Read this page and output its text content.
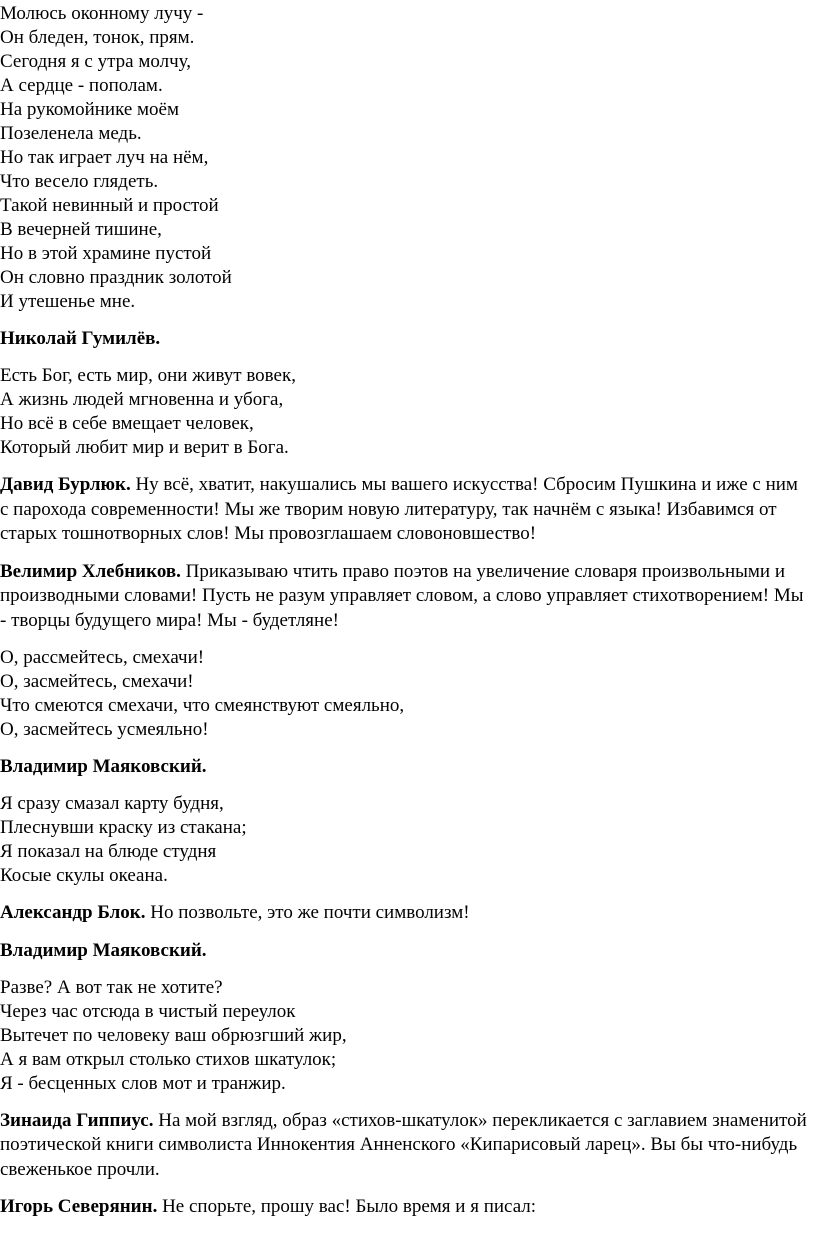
Молюсь оконному лучу -
Он бледен, тонок, прям.
Сегодня я с утра молчу,
А сердце - пополам.
На рукомойнике моём
Позеленела медь.
Но так играет луч на нём,
Что весело глядеть.
Такой невинный и простой
В вечерней тишине,
Но в этой храмине пустой
Он словно праздник золотой
И утешенье мне.
Николай Гумилёв.
Есть Бог, есть мир, они живут вовек,
А жизнь людей мгновенна и убога,
Но всё в себе вмещает человек,
Который любит мир и верит в Бога.
Давид Бурлюк. Ну всё, хватит, накушались мы вашего искусства! Сбросим Пушкина и иже с ним с парохода современности! Мы же творим новую литературу, так начнём с языка! Избавимся от старых тошнотворных слов! Мы провозглашаем словоновшество!
Велимир Хлебников. Приказываю чтить право поэтов на увеличение словаря произвольными и производными словами! Пусть не разум управляет словом, а слово управляет стихотворением! Мы - творцы будущего мира! Мы - будетляне!
О, рассмейтесь, смехачи!
О, засмейтесь, смехачи!
Что смеются смехачи, что смеянствуют смеяльно,
О, засмейтесь усмеяльно!
Владимир Маяковский.
Я сразу смазал карту будня,
Плеснувши краску из стакана;
Я показал на блюде студня
Косые скулы океана.
Александр Блок. Но позвольте, это же почти символизм!
Владимир Маяковский.
Разве? А вот так не хотите?
Через час отсюда в чистый переулок
Вытечет по человеку ваш обрюзгший жир,
А я вам открыл столько стихов шкатулок;
Я - бесценных слов мот и транжир.
Зинаида Гиппиус. На мой взгляд, образ «стихов-шкатулок» перекликается с заглавием знаменитой поэтической книги символиста Иннокентия Анненского «Кипарисовый ларец». Вы бы что-нибудь свеженькое прочли.
Игорь Северянин. Не спорьте, прошу вас! Было время и я писал:
